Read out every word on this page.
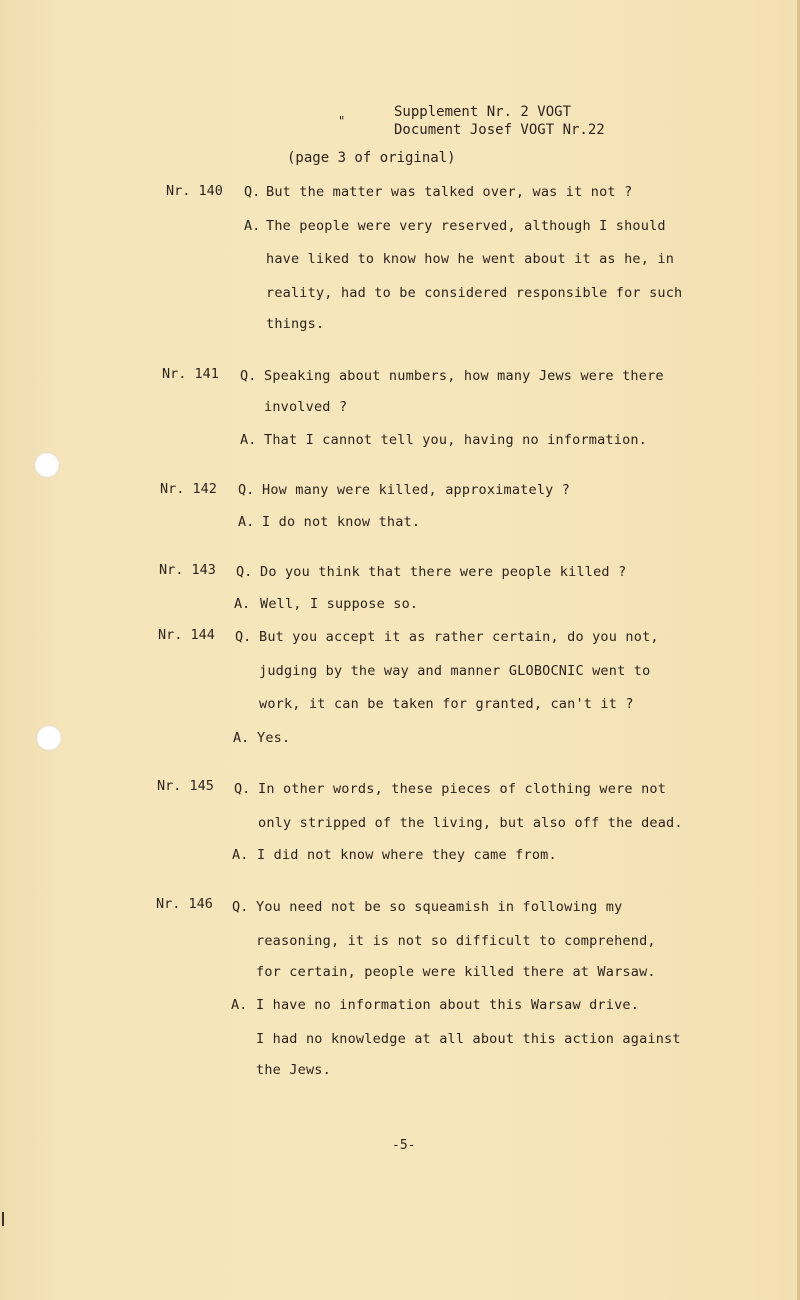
Supplement Nr. 2 VOGT
Document Josef VOGT Nr.22
"
(page 3 of original)
Nr. 140 Q. But the matter was talked over, was it not ?
A. The people were very reserved, although I should
have liked to know how he went about it as he, in
reality, had to be considered responsible for such
things.
Nr. 141 Q. Speaking about numbers, how many Jews were there
involved ?
A. That I cannot tell you, having no information.
Nr. 142 Q. How many were killed, approximately ?
A. I do not know that.
Nr. 143 Q. Do you think that there were people killed ?
A. Well, I suppose so.
Nr. 144 Q. But you accept it as rather certain, do you not,
judging by the way and manner GLOBOCNIC went to
work, it can be taken for granted, can't it ?
A. Yes.
Nr. 145 Q. In other words, these pieces of clothing were not
only stripped of the living, but also off the dead.
A. I did not know where they came from.
Nr. 146 Q. You need not be so squeamish in following my
reasoning, it is not so difficult to comprehend,
for certain, people were killed there at Warsaw.
A. I have no information about this Warsaw drive.
I had no knowledge at all about this action against
the Jews.
-5-
